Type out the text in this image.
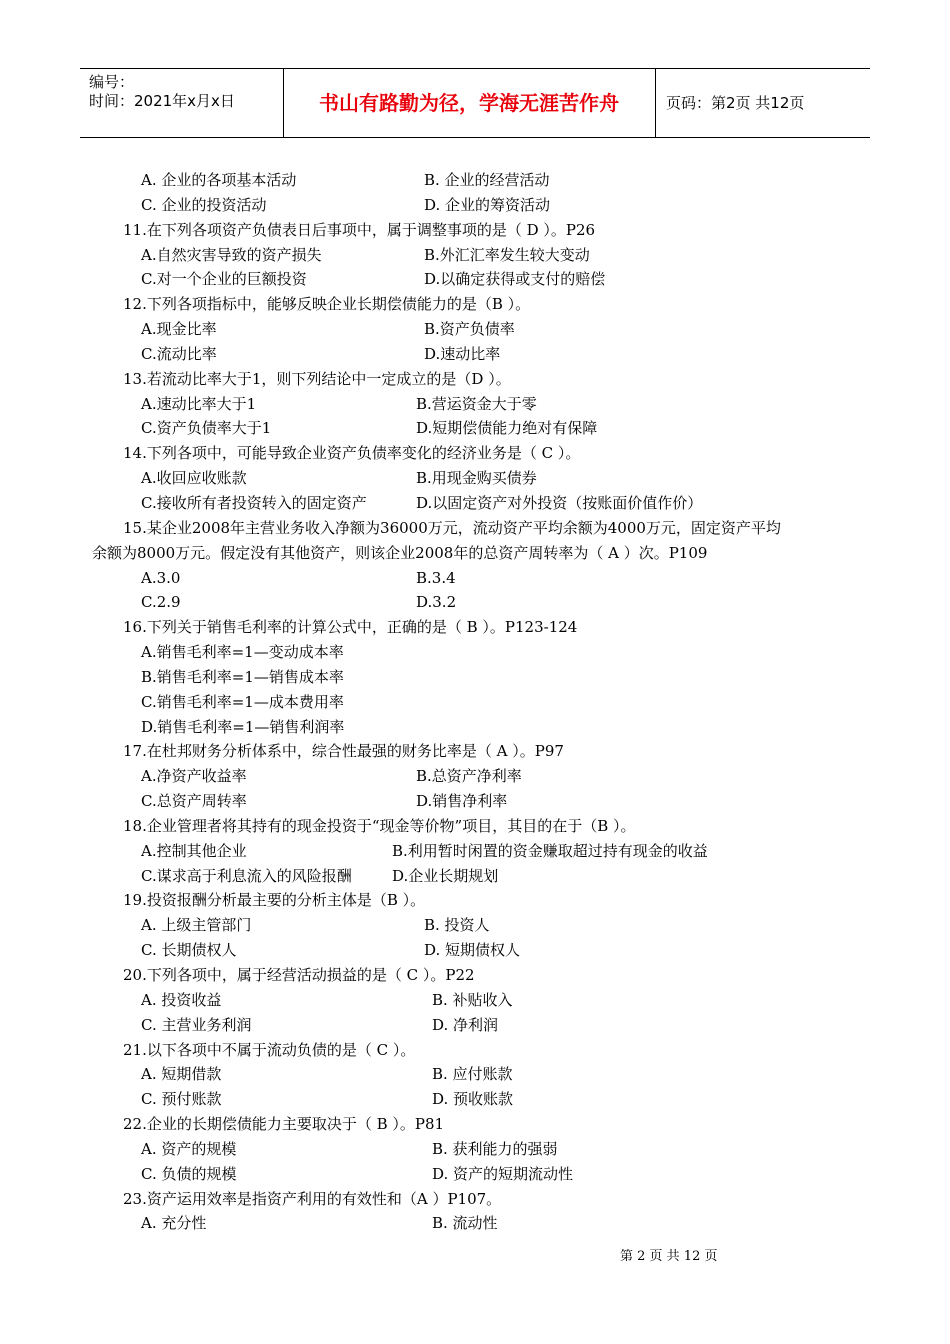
编号：
时间：2021年x月x日	书山有路勤为径，学海无涯苦作舟	页码：第2页 共12页
A. 企业的各项基本活动	B. 企业的经营活动
C. 企业的投资活动	D. 企业的筹资活动
11.在下列各项资产负债表日后事项中，属于调整事项的是（ D ）。P26
A.自然灾害导致的资产损失	B.外汇汇率发生较大变动
C.对一个企业的巨额投资	D.以确定获得或支付的赔偿
12.下列各项指标中，能够反映企业长期偿债能力的是（B ）。
A.现金比率	B.资产负债率
C.流动比率	D.速动比率
13.若流动比率大于1，则下列结论中一定成立的是（D ）。
A.速动比率大于1	B.营运资金大于零
C.资产负债率大于1	D.短期偿债能力绝对有保障
14.下列各项中，可能导致企业资产负债率变化的经济业务是（ C ）。
A.收回应收账款	B.用现金购买债券
C.接收所有者投资转入的固定资产	D.以固定资产对外投资（按账面价值作价）
15.某企业2008年主营业务收入净额为36000万元，流动资产平均余额为4000万元，固定资产平均
余额为8000万元。假定没有其他资产，则该企业2008年的总资产周转率为（ A ）次。P109
A.3.0	B.3.4
C.2.9	D.3.2
16.下列关于销售毛利率的计算公式中，正确的是（ B ）。P123-124
A.销售毛利率=1—变动成本率
B.销售毛利率=1—销售成本率
C.销售毛利率=1—成本费用率
D.销售毛利率=1—销售利润率
17.在杜邦财务分析体系中，综合性最强的财务比率是（ A ）。P97
A.净资产收益率	B.总资产净利率
C.总资产周转率	D.销售净利率
18.企业管理者将其持有的现金投资于“现金等价物”项目，其目的在于（B ）。
A.控制其他企业	B.利用暂时闲置的资金赚取超过持有现金的收益
C.谋求高于利息流入的风险报酬	D.企业长期规划
19.投资报酬分析最主要的分析主体是（B ）。
A. 上级主管部门	B. 投资人
C. 长期债权人	D. 短期债权人
20.下列各项中，属于经营活动损益的是（ C ）。P22
A. 投资收益	B. 补贴收入
C. 主营业务利润	D. 净利润
21.以下各项中不属于流动负债的是（ C ）。
A. 短期借款	B. 应付账款
C. 预付账款	D. 预收账款
22.企业的长期偿债能力主要取决于（ B ）。P81
A. 资产的规模	B. 获利能力的强弱
C. 负债的规模	D. 资产的短期流动性
23.资产运用效率是指资产利用的有效性和（A ）P107。
A. 充分性	B. 流动性
第 2 页 共 12 页
